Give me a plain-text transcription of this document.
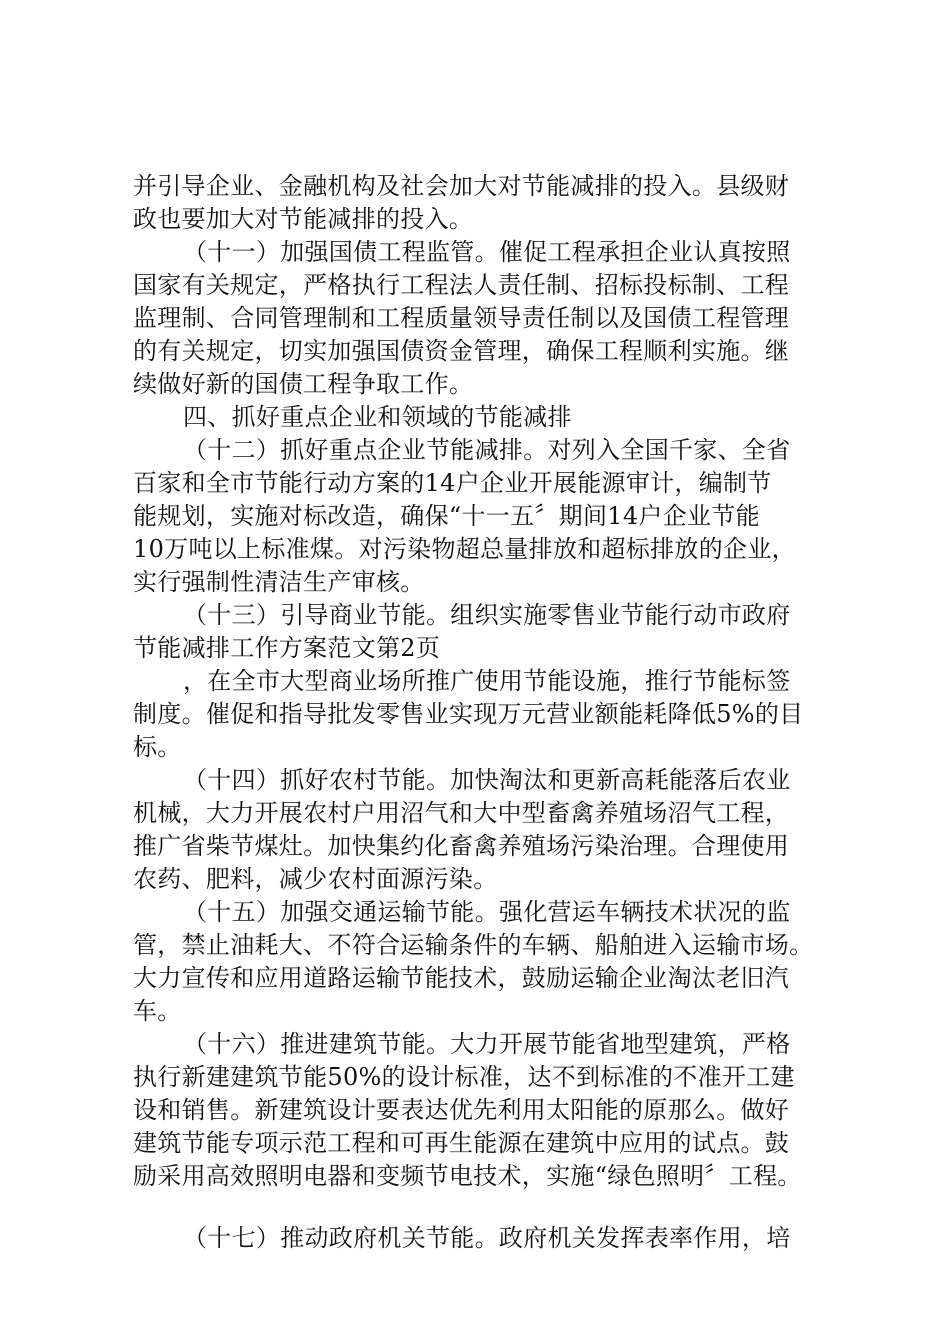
并引导企业、金融机构及社会加大对节能减排的投入。县级财
政也要加大对节能减排的投入。
（十一）加强国债工程监管。催促工程承担企业认真按照
国家有关规定，严格执行工程法人责任制、招标投标制、工程
监理制、合同管理制和工程质量领导责任制以及国债工程管理
的有关规定，切实加强国债资金管理，确保工程顺利实施。继
续做好新的国债工程争取工作。
四、抓好重点企业和领域的节能减排
（十二）抓好重点企业节能减排。对列入全国千家、全省
百家和全市节能行动方案的14户企业开展能源审计，编制节
能规划，实施对标改造，确保“十一五〞期间14户企业节能
10万吨以上标准煤。对污染物超总量排放和超标排放的企业，
实行强制性清洁生产审核。
（十三）引导商业节能。组织实施零售业节能行动市政府
节能减排工作方案范文第2页
，在全市大型商业场所推广使用节能设施，推行节能标签
制度。催促和指导批发零售业实现万元营业额能耗降低5%的目
标。
（十四）抓好农村节能。加快淘汰和更新高耗能落后农业
机械，大力开展农村户用沼气和大中型畜禽养殖场沼气工程，
推广省柴节煤灶。加快集约化畜禽养殖场污染治理。合理使用
农药、肥料，减少农村面源污染。
（十五）加强交通运输节能。强化营运车辆技术状况的监
管，禁止油耗大、不符合运输条件的车辆、船舶进入运输市场。
大力宣传和应用道路运输节能技术，鼓励运输企业淘汰老旧汽
车。
（十六）推进建筑节能。大力开展节能省地型建筑，严格
执行新建建筑节能50%的设计标准，达不到标准的不准开工建
设和销售。新建筑设计要表达优先利用太阳能的原那么。做好
建筑节能专项示范工程和可再生能源在建筑中应用的试点。鼓
励采用高效照明电器和变频节电技术，实施“绿色照明〞工程。
（十七）推动政府机关节能。政府机关发挥表率作用，培
